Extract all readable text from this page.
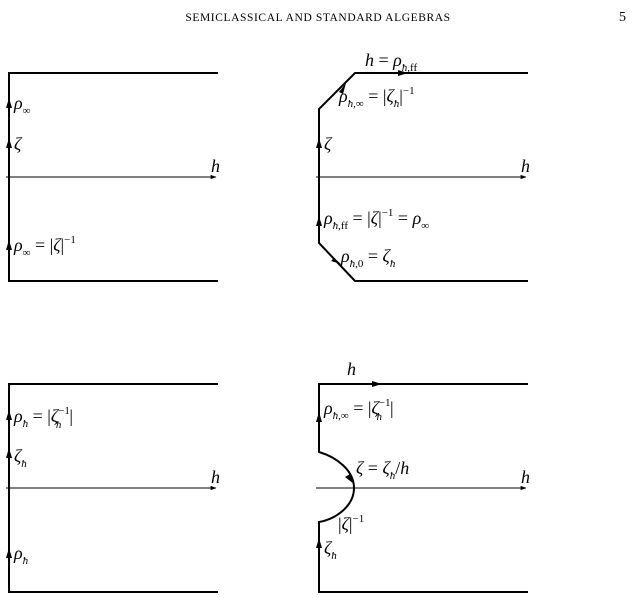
SEMICLASSICAL AND STANDARD ALGEBRAS	5
h
$\rho_\infty$
ζ
$\rho_\infty = |\zeta|^{-1}$
h
$h = \rho_ħ,ff$
$\rho_ħ,\infty = |\zeta_ħ|^{-1}$
ζ
$\rho_ħ,ff = |\zeta|^{-1} = \rho_\infty$
$\rho_ħ,0 = \zeta_ħ$
h
$\rho_ħ = |\zeta^{-1}$ ħ |
$\zeta_ħ$
$\rho_ħ$
h
h
$\rho_ħ,\infty = |\zeta^{-1}$ ħ |
$\zeta = \zeta_ħ/h$
$|\zeta|^{-1}$
$\zeta_ħ$
